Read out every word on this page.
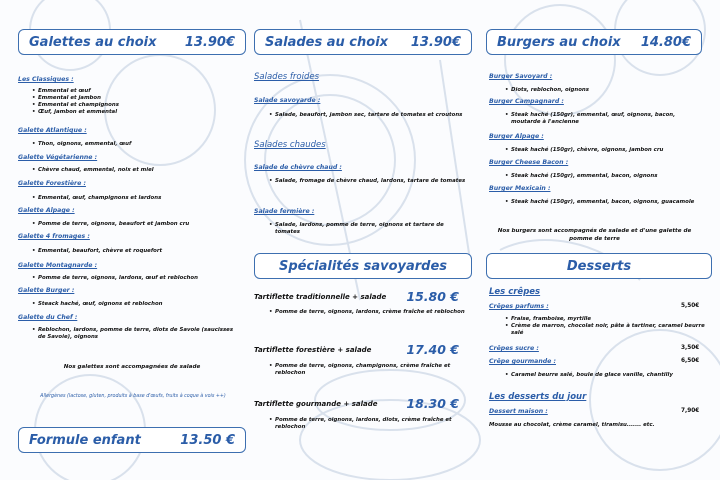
Galettes au choix 13.90€
Les Classiques :
• Emmental et œuf
• Emmental et jambon
• Emmental et champignons
• Œuf, jambon et emmental
Galette Atlantique :
• Thon, oignons, emmental, œuf
Galette Végétarienne :
• Chèvre chaud, emmental, noix et miel
Galette Forestière :
• Emmental, œuf, champignons et lardons
Galette Alpage :
• Pomme de terre, oignons, beaufort et jambon cru
Galette 4 fromages :
• Emmental, beaufort, chèvre et roquefort
Galette Montagnarde :
• Pomme de terre, oignons, lardons, œuf et reblochon
Galette Burger :
• Steack haché, œuf, oignons et reblochon
Galette du Chef :
• Reblochon, lardons, pomme de terre, diots de Savoie (saucisses de Savoie), oignons
Nos galettes sont accompagnées de salade
Allergènes (lactose, gluten, produits à base d'œufs, fruits à coque à vois ++)
Formule enfant	13.50 €
Salades au choix 13.90€
Salades froides
Salade savoyarde :
• Salade, beaufort, jambon sec, tartare de tomates et croutons
Salades chaudes
Salade de chèvre chaud :
• Salade, fromage de chèvre chaud, lardons, tartare de tomates
Salade fermière :
• Salade, lardons, pomme de terre, oignons et tartare de tomates
Spécialités savoyardes
Tartiflette traditionnelle + salade 15.80 €
• Pomme de terre, oignons, lardons, crème fraîche et reblochon
Tartiflette forestière + salade	17.40 €
• Pomme de terre, oignons, champignons, crème fraîche et reblochon
Tartiflette gourmande + salade 18.30 €
• Pomme de terre, oignons, lardons, diots, crème fraîche et reblochon
Burgers au choix 14.80€
Burger Savoyard :
• Diots, reblochon, oignons
Burger Campagnard :
• Steak haché (150gr), emmental, œuf, oignons, bacon, moutarde à l'ancienne
Burger Alpage :
• Steak haché (150gr), chèvre, oignons, jambon cru
Burger Cheese Bacon :
• Steak haché (150gr), emmental, bacon, oignons
Burger Mexicain :
• Steak haché (150gr), emmental, bacon, oignons, guacamole
Nos burgers sont accompagnés de salade et d'une galette de pomme de terre
Desserts
Les crêpes
Crêpes parfums :	5,50€
• Fraise, framboise, myrtille
• Crème de marron, chocolat noir, pâte à tartiner, caramel beurre salé
Crêpes sucre :	3,50€
Crêpe gourmande :	6,50€
• Caramel beurre salé, boule de glace vanille, chantilly
Les desserts du jour
Dessert maison :	7,90€
Mousse au chocolat, crème caramel, tiramisu....... etc.
